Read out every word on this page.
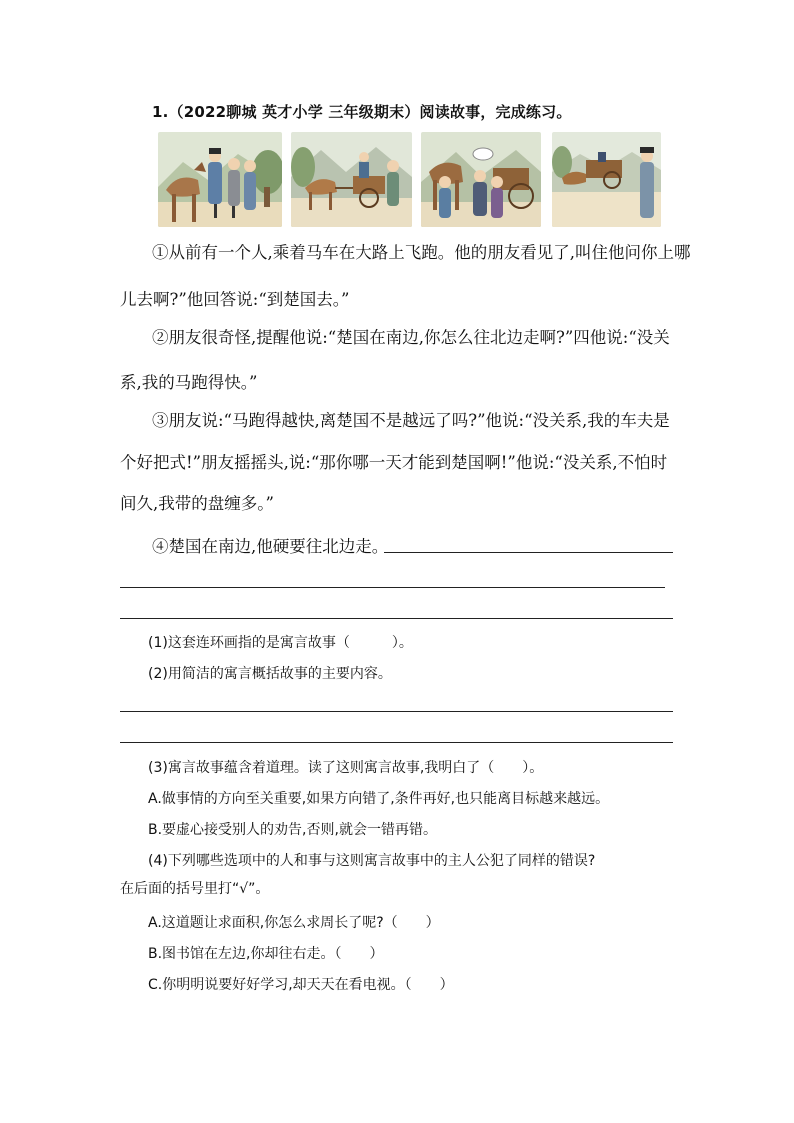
1.（2022聊城 英才小学 三年级期末）阅读故事，完成练习。
①从前有一个人,乘着马车在大路上飞跑。他的朋友看见了,叫住他问你上哪
儿去啊?”他回答说:“到楚国去。”
②朋友很奇怪,提醒他说:“楚国在南边,你怎么往北边走啊?”四他说:“没关
系,我的马跑得快。”
③朋友说:“马跑得越快,离楚国不是越远了吗?”他说:“没关系,我的车夫是
个好把式!”朋友摇摇头,说:“那你哪一天才能到楚国啊!”他说:“没关系,不怕时
间久,我带的盘缠多。”
④楚国在南边,他硬要往北边走。
(1)这套连环画指的是寓言故事（　　　）。
(2)用简洁的寓言概括故事的主要内容。
(3)寓言故事蕴含着道理。读了这则寓言故事,我明白了（　　）。
A.做事情的方向至关重要,如果方向错了,条件再好,也只能离目标越来越远。
B.要虚心接受别人的劝告,否则,就会一错再错。
(4)下列哪些选项中的人和事与这则寓言故事中的主人公犯了同样的错误?
在后面的括号里打“√”。
A.这道题让求面积,你怎么求周长了呢?（　　）
B.图书馆在左边,你却往右走。（　　）
C.你明明说要好好学习,却天天在看电视。（　　）
